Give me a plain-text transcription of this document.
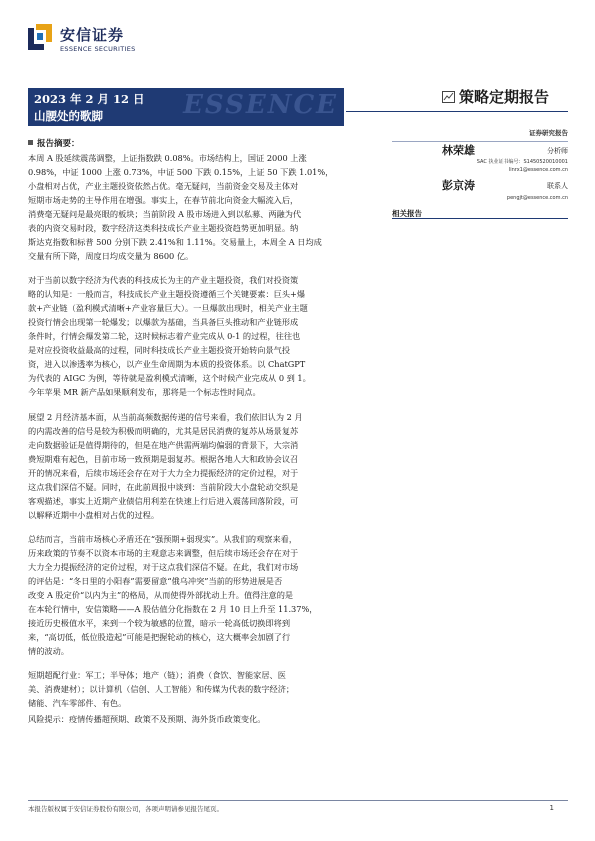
安信证券
ESSENCE SECURITIES
ESSENCE
2023 年 2 月 12 日
山腰处的歌脚
策略定期报告
证券研究报告
林荣雄	分析师
SAC 执业证书编号：S1450520010001
linrx1@essence.com.cn
彭京涛	联系人
pengjt@essence.com.cn
相关报告
报告摘要：
本周 A 股延续震荡调整，上证指数跌 0.08%。市场结构上，国证 2000 上涨
0.98%，中证 1000 上涨 0.73%，中证 500 下跌 0.15%，上证 50 下跌 1.01%，
小盘相对占优，产业主题投资依然占优。毫无疑问，当前资金交易及主体对
短期市场走势的主导作用在增强。事实上，在春节前北向资金大幅流入后，
消费毫无疑问是最亮眼的板块；当前阶段 A 股市场进入到以私募、两融为代
表的内资交易时段，数字经济这类科技成长产业主题投资趋势更加明显。纳
斯达克指数和标普 500 分别下跌 2.41%和 1.11%。交易量上，本周全 A 日均成
交量有所下降，周度日均成交量为 8600 亿。
对于当前以数字经济为代表的科技成长为主的产业主题投资，我们对投资策
略的认知是：一般而言，科技成长产业主题投资遵循三个关键要素：巨头+爆
款+产业链（盈利模式清晰+产业容量巨大）。一旦爆款出现时，相关产业主题
投资行情会出现第一轮爆发；以爆款为基础，当具备巨头推动和产业链形成
条件时，行情会爆发第二轮，这时候标志着产业完成从 0-1 的过程，往往也
是对应投资收益最高的过程，同时科技成长产业主题投资开始转向景气投
资，进入以渗透率为核心，以产业生命周期为本质的投资体系。以 ChatGPT
为代表的 AIGC 为例，等待就是盈利模式清晰，这个时候产业完成从 0 到 1。
今年苹果 MR 新产品如果顺利发布，那将是一个标志性时间点。
展望 2 月经济基本面，从当前高频数据传递的信号来看，我们依旧认为 2 月
的内需改善的信号是较为积极而明确的，尤其是居民消费的复苏从场景复苏
走向数据验证是值得期待的，但是在地产供需两端均偏弱的背景下，大宗消
费短期难有起色，目前市场一致预期是弱复苏。根据各地人大和政协会议召
开的情况来看，后续市场还会存在对于大力全力提振经济的定价过程，对于
这点我们深信不疑。同时，在此前周报中谈到：当前阶段大小盘轮动交织是
客观描述，事实上近期产业债信用利差在快速上行后进入震荡回落阶段，可
以解释近期中小盘相对占优的过程。
总结而言，当前市场核心矛盾还在“强预期+弱现实”。从我们的观察来看，
历来政策的节奏不以资本市场的主观意志来调整，但后续市场还会存在对于
大力全力提振经济的定价过程，对于这点我们深信不疑。在此，我们对市场
的评估是：“冬日里的小阳春”需要留意“俄乌冲突”当前的形势进展是否
改变 A 股定价“以内为主”的格局，从而使得外部扰动上升。值得注意的是
在本轮行情中，安信策略——A 股估值分化指数在 2 月 10 日上升至 11.37%，
接近历史极值水平，来到一个较为敏感的位置，暗示一轮高低切换即将到
来，“高切低，低位股造起”可能是把握轮动的核心，这大概率会加剧了行
情的波动。
短期超配行业：军工；半导体；地产（链）；消费（食饮、智能家居、医
美、消费建材）；以计算机（信创、人工智能）和传媒为代表的数字经济；
储能、汽车零部件、有色。
风险提示：疫情传播超预期、政策不及预期、海外货币政策变化。
本报告版权属于安信证券股份有限公司，各项声明请参见报告尾页。	1
